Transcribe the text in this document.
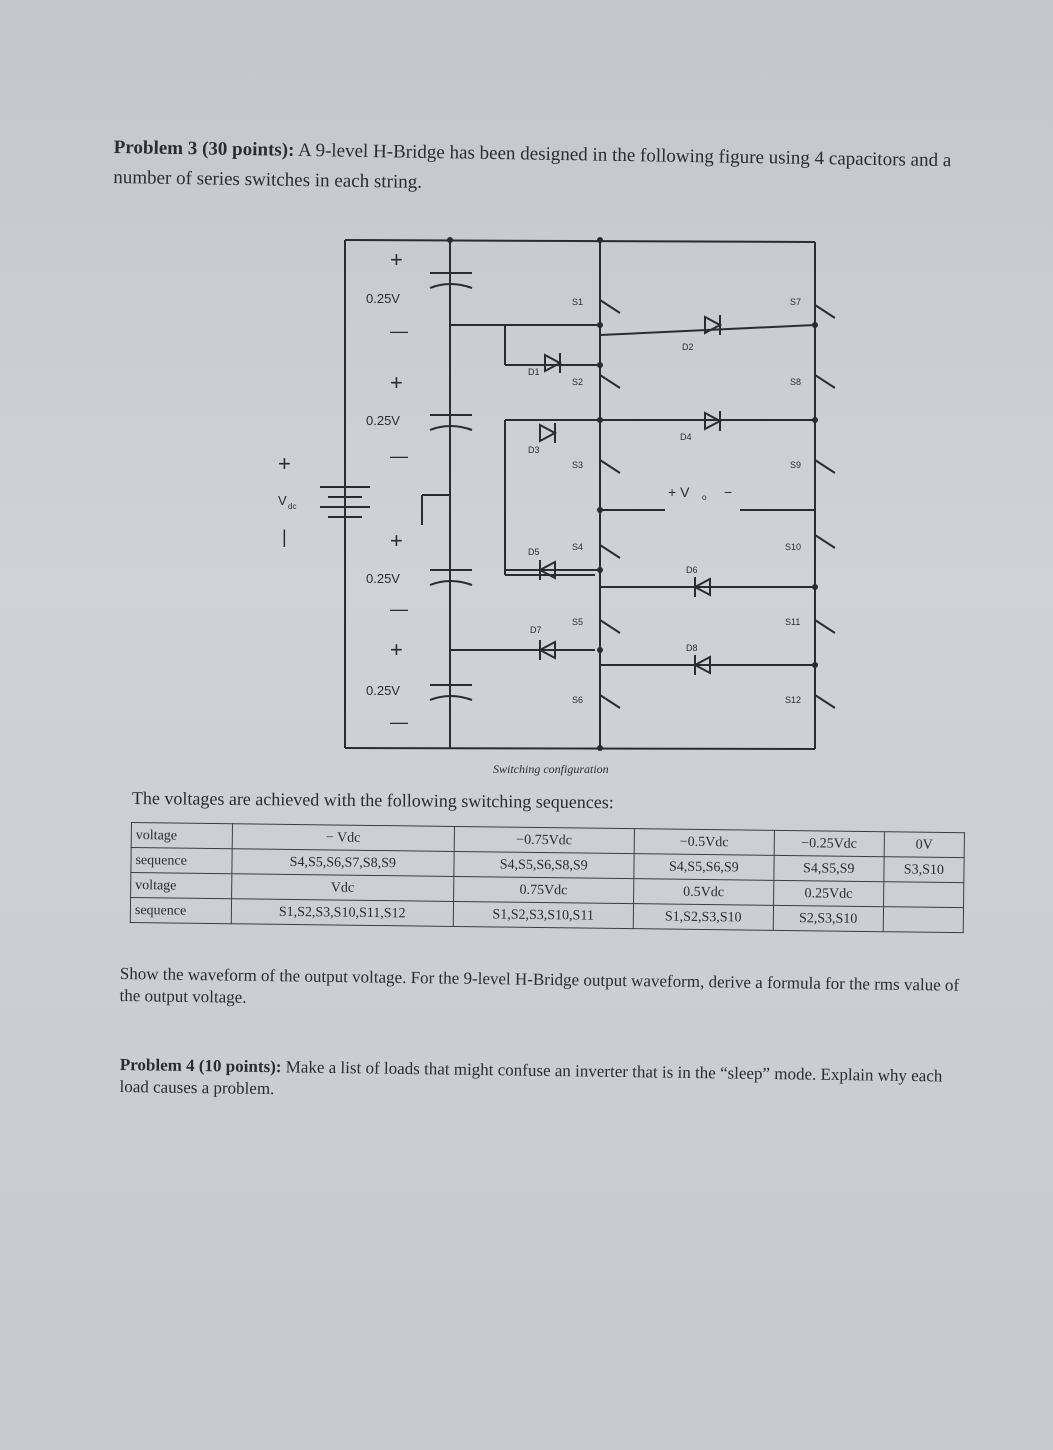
Problem 3 (30 points): A 9-level H-Bridge has been designed in the following figure using 4 capacitors and a number of series switches in each string.
+
V dc
|
+
0.25V
—
+
0.25V
—
+
0.25V
—
+
0.25V
—
+ V o −
S1
S2
S3
S4
S5
S6
S7
S8
S9
S10
S11
S12
D1
D2
D3
D4
D5
D6
D7
D8
Switching configuration
The voltages are achieved with the following switching sequences:
voltage	− Vdc	−0.75Vdc	−0.5Vdc	−0.25Vdc	0V
sequence	S4,S5,S6,S7,S8,S9	S4,S5,S6,S8,S9	S4,S5,S6,S9	S4,S5,S9	S3,S10
voltage	Vdc	0.75Vdc	0.5Vdc	0.25Vdc	
sequence	S1,S2,S3,S10,S11,S12	S1,S2,S3,S10,S11	S1,S2,S3,S10	S2,S3,S10	
Show the waveform of the output voltage. For the 9-level H-Bridge output waveform, derive a formula for the rms value of the output voltage.
Problem 4 (10 points): Make a list of loads that might confuse an inverter that is in the “sleep” mode. Explain why each load causes a problem.
